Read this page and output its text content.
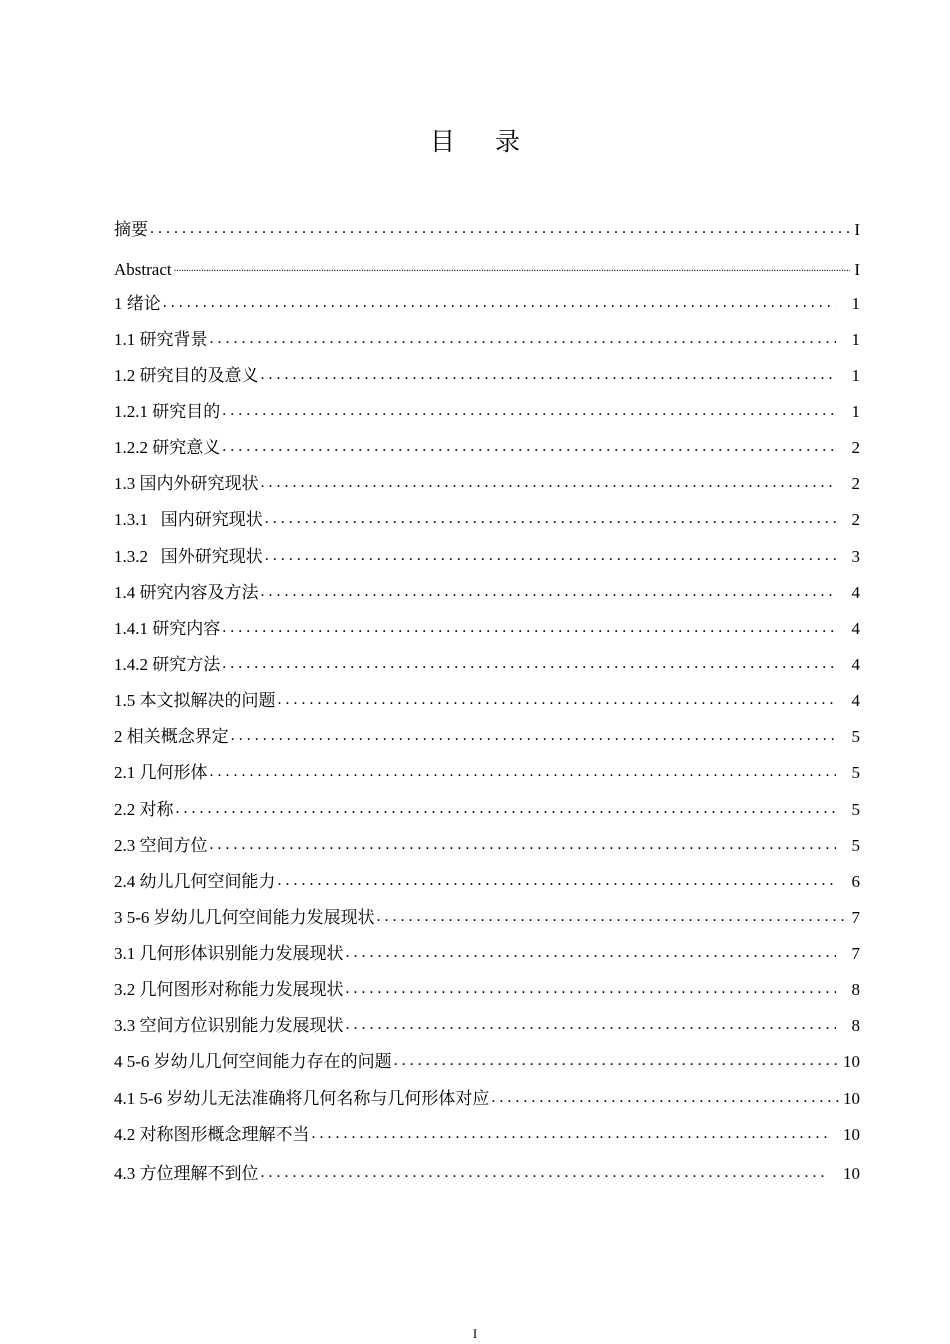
目 录
摘要 . . .	I
Abstract .....	I
1 绪论 . . .	1
1.1 研究背景 . . .	1
1.2 研究目的及意义 . . .	1
1.2.1 研究目的 . . .	1
1.2.2 研究意义 . . .	2
1.3 国内外研究现状 . . .	2
1.3.1   国内研究现状 . . .	2
1.3.2   国外研究现状 . . .	3
1.4 研究内容及方法 . . .	4
1.4.1 研究内容 . . .	4
1.4.2 研究方法 . . .	4
1.5 本文拟解决的问题 . . .	4
2 相关概念界定 . . .	5
2.1 几何形体 . . .	5
2.2 对称 . . .	5
2.3 空间方位 . . .	5
2.4 幼儿几何空间能力 . . .	6
3 5-6 岁幼儿几何空间能力发展现状 . . .	7
3.1 几何形体识别能力发展现状 . . .	7
3.2 几何图形对称能力发展现状 . . .	8
3.3 空间方位识别能力发展现状 . . .	8
4 5-6 岁幼儿几何空间能力存在的问题 . . .	10
4.1 5-6 岁幼儿无法准确将几何名称与几何形体对应 . . .	10
4.2 对称图形概念理解不当 . . .	10
4.3 方位理解不到位 . . .	10
I
